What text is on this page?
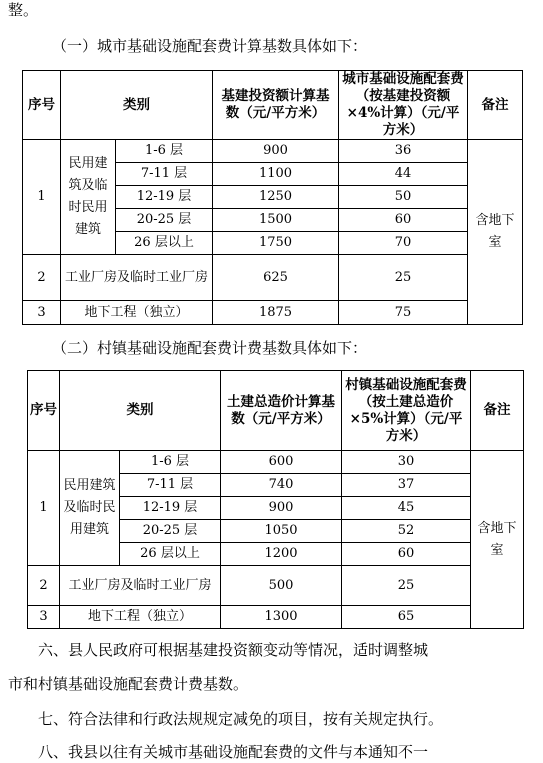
整。
（一）城市基础设施配套费计算基数具体如下：
序号	类别		基建投资额计算基数（元/平方米）	城市基础设施配套费（按基建投资额×4%计算）（元/平方米）	备注
1	民用建筑及临时民用建筑	1-6 层	900	36	含地下室
		7-11 层	1100	44	
		12-19 层	1250	50	
		20-25 层	1500	60	
		26 层以上	1750	70	
2	工业厂房及临时工业厂房		625	25	
3	地下工程（独立）		1875	75	
（二）村镇基础设施配套费计费基数具体如下：
序号	类别		土建总造价计算基数（元/平方米）	村镇基础设施配套费（按土建总造价×5%计算）（元/平方米）	备注
1	民用建筑及临时民用建筑	1-6 层	600	30	含地下室
		7-11 层	740	37	
		12-19 层	900	45	
		20-25 层	1050	52	
		26 层以上	1200	60	
2	工业厂房及临时工业厂房		500	25	
3	地下工程（独立）		1300	65	
六、县人民政府可根据基建投资额变动等情况，适时调整城
市和村镇基础设施配套费计费基数。
七、符合法律和行政法规规定减免的项目，按有关规定执行。
八、我县以往有关城市基础设施配套费的文件与本通知不一
